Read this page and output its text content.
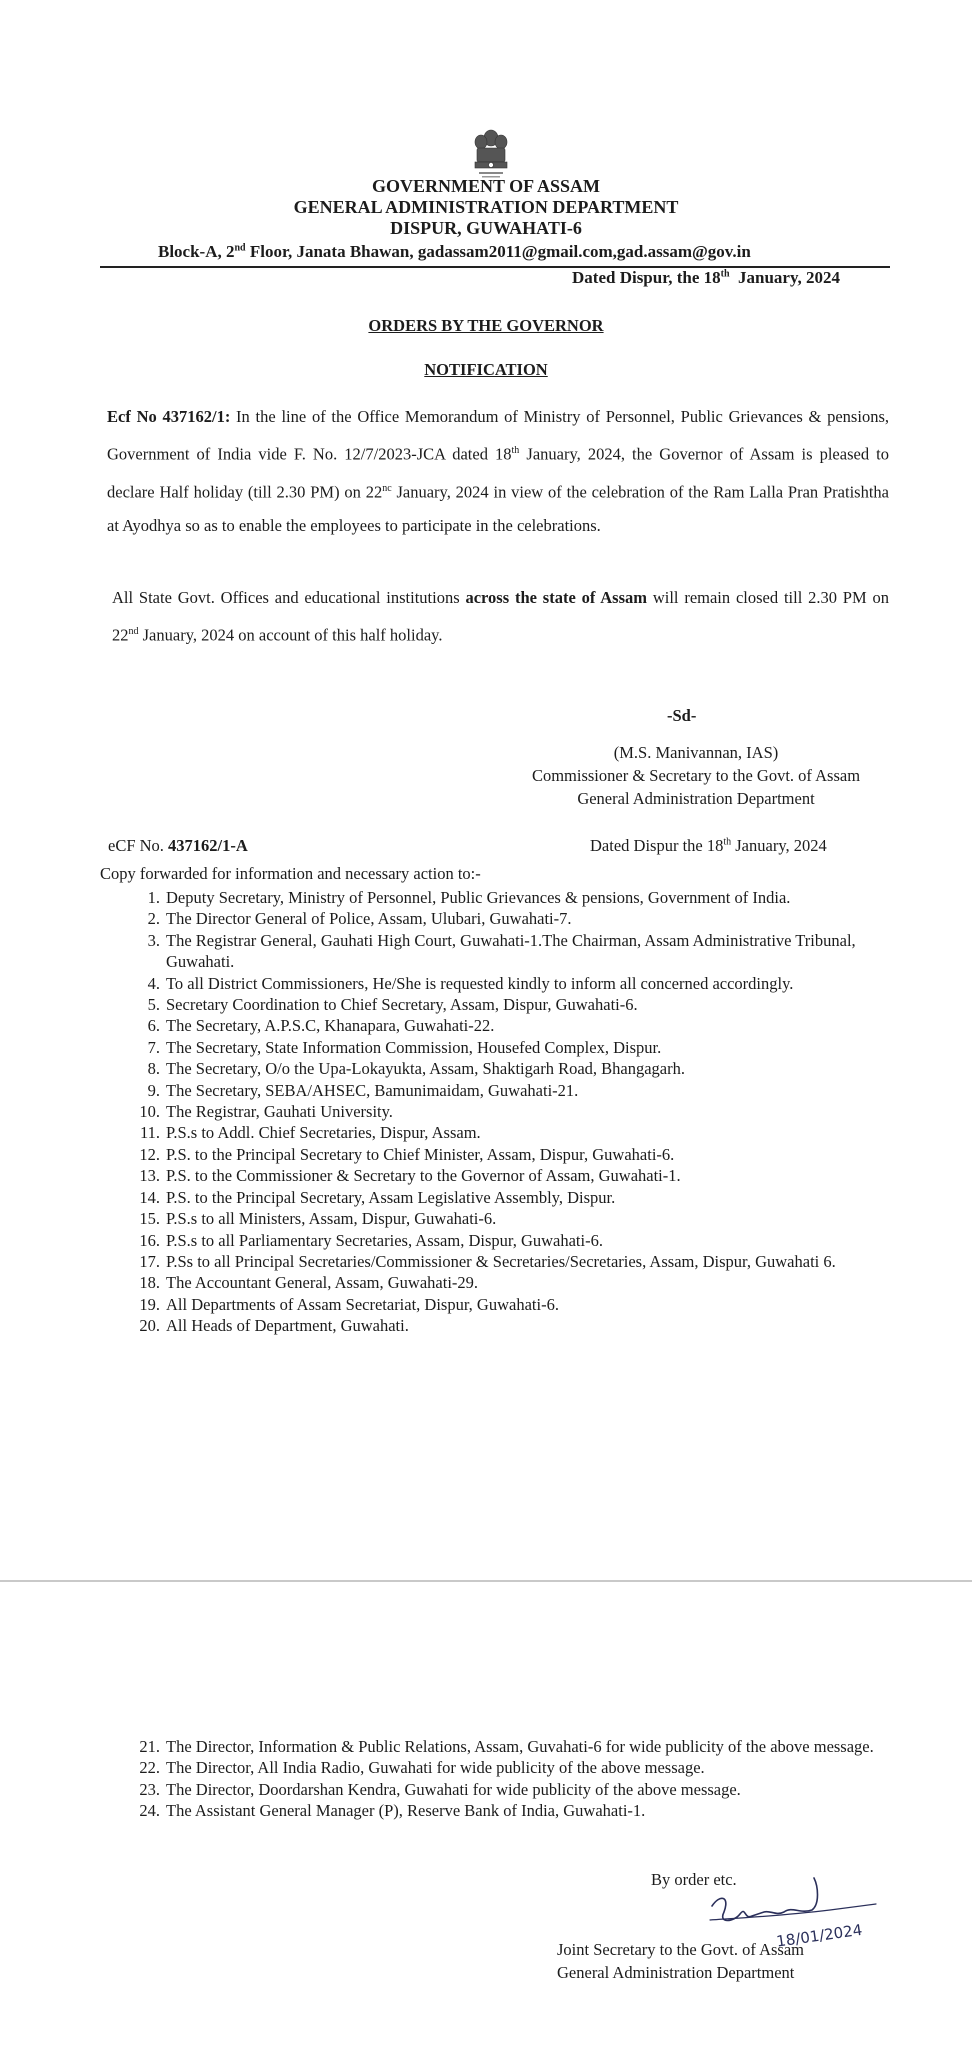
GOVERNMENT OF ASSAM
GENERAL ADMINISTRATION DEPARTMENT
DISPUR, GUWAHATI-6
Block-A, 2nd Floor, Janata Bhawan, gadassam2011@gmail.com,gad.assam@gov.in
Dated Dispur, the 18th  January, 2024
ORDERS BY THE GOVERNOR
NOTIFICATION
Ecf No 437162/1: In the line of the Office Memorandum of Ministry of Personnel, Public Grievances & pensions, Government of India vide F. No. 12/7/2023-JCA dated 18th January, 2024, the Governor of Assam is pleased to declare Half holiday (till 2.30 PM) on $22^{nc}$ January, 2024 in view of the celebration of the Ram Lalla Pran Pratishtha at Ayodhya so as to enable the employees to participate in the celebrations.
All State Govt. Offices and educational institutions across the state of Assam will remain closed till 2.30 PM on 22nd January, 2024 on account of this half holiday.
-Sd-
(M.S. Manivannan, IAS)
Commissioner & Secretary to the Govt. of Assam
General Administration Department
eCF No. 437162/1-A	Dated Dispur the 18th January, 2024
Copy forwarded for information and necessary action to:-
1. Deputy Secretary, Ministry of Personnel, Public Grievances & pensions, Government of India.
2. The Director General of Police, Assam, Ulubari, Guwahati-7.
3. The Registrar General, Gauhati High Court, Guwahati-1.The Chairman, Assam Administrative Tribunal, Guwahati.
4. To all District Commissioners, He/She is requested kindly to inform all concerned accordingly.
5. Secretary Coordination to Chief Secretary, Assam, Dispur, Guwahati-6.
6. The Secretary, A.P.S.C, Khanapara, Guwahati-22.
7. The Secretary, State Information Commission, Housefed Complex, Dispur.
8. The Secretary, O/o the Upa-Lokayukta, Assam, Shaktigarh Road, Bhangagarh.
9. The Secretary, SEBA/AHSEC, Bamunimaidam, Guwahati-21.
10. The Registrar, Gauhati University.
11. P.S.s to Addl. Chief Secretaries, Dispur, Assam.
12. P.S. to the Principal Secretary to Chief Minister, Assam, Dispur, Guwahati-6.
13. P.S. to the Commissioner & Secretary to the Governor of Assam, Guwahati-1.
14. P.S. to the Principal Secretary, Assam Legislative Assembly, Dispur.
15. P.S.s to all Ministers, Assam, Dispur, Guwahati-6.
16. P.S.s to all Parliamentary Secretaries, Assam, Dispur, Guwahati-6.
17. P.Ss to all Principal Secretaries/Commissioner & Secretaries/Secretaries, Assam, Dispur, Guwahati 6.
18. The Accountant General, Assam, Guwahati-29.
19. All Departments of Assam Secretariat, Dispur, Guwahati-6.
20. All Heads of Department, Guwahati.
21. The Director, Information & Public Relations, Assam, Guvahati-6 for wide publicity of the above message.
22. The Director, All India Radio, Guwahati for wide publicity of the above message.
23. The Director, Doordarshan Kendra, Guwahati for wide publicity of the above message.
24. The Assistant General Manager (P), Reserve Bank of India, Guwahati-1.
By order etc.
18/01/2024
Joint Secretary to the Govt. of Assam
General Administration Department
